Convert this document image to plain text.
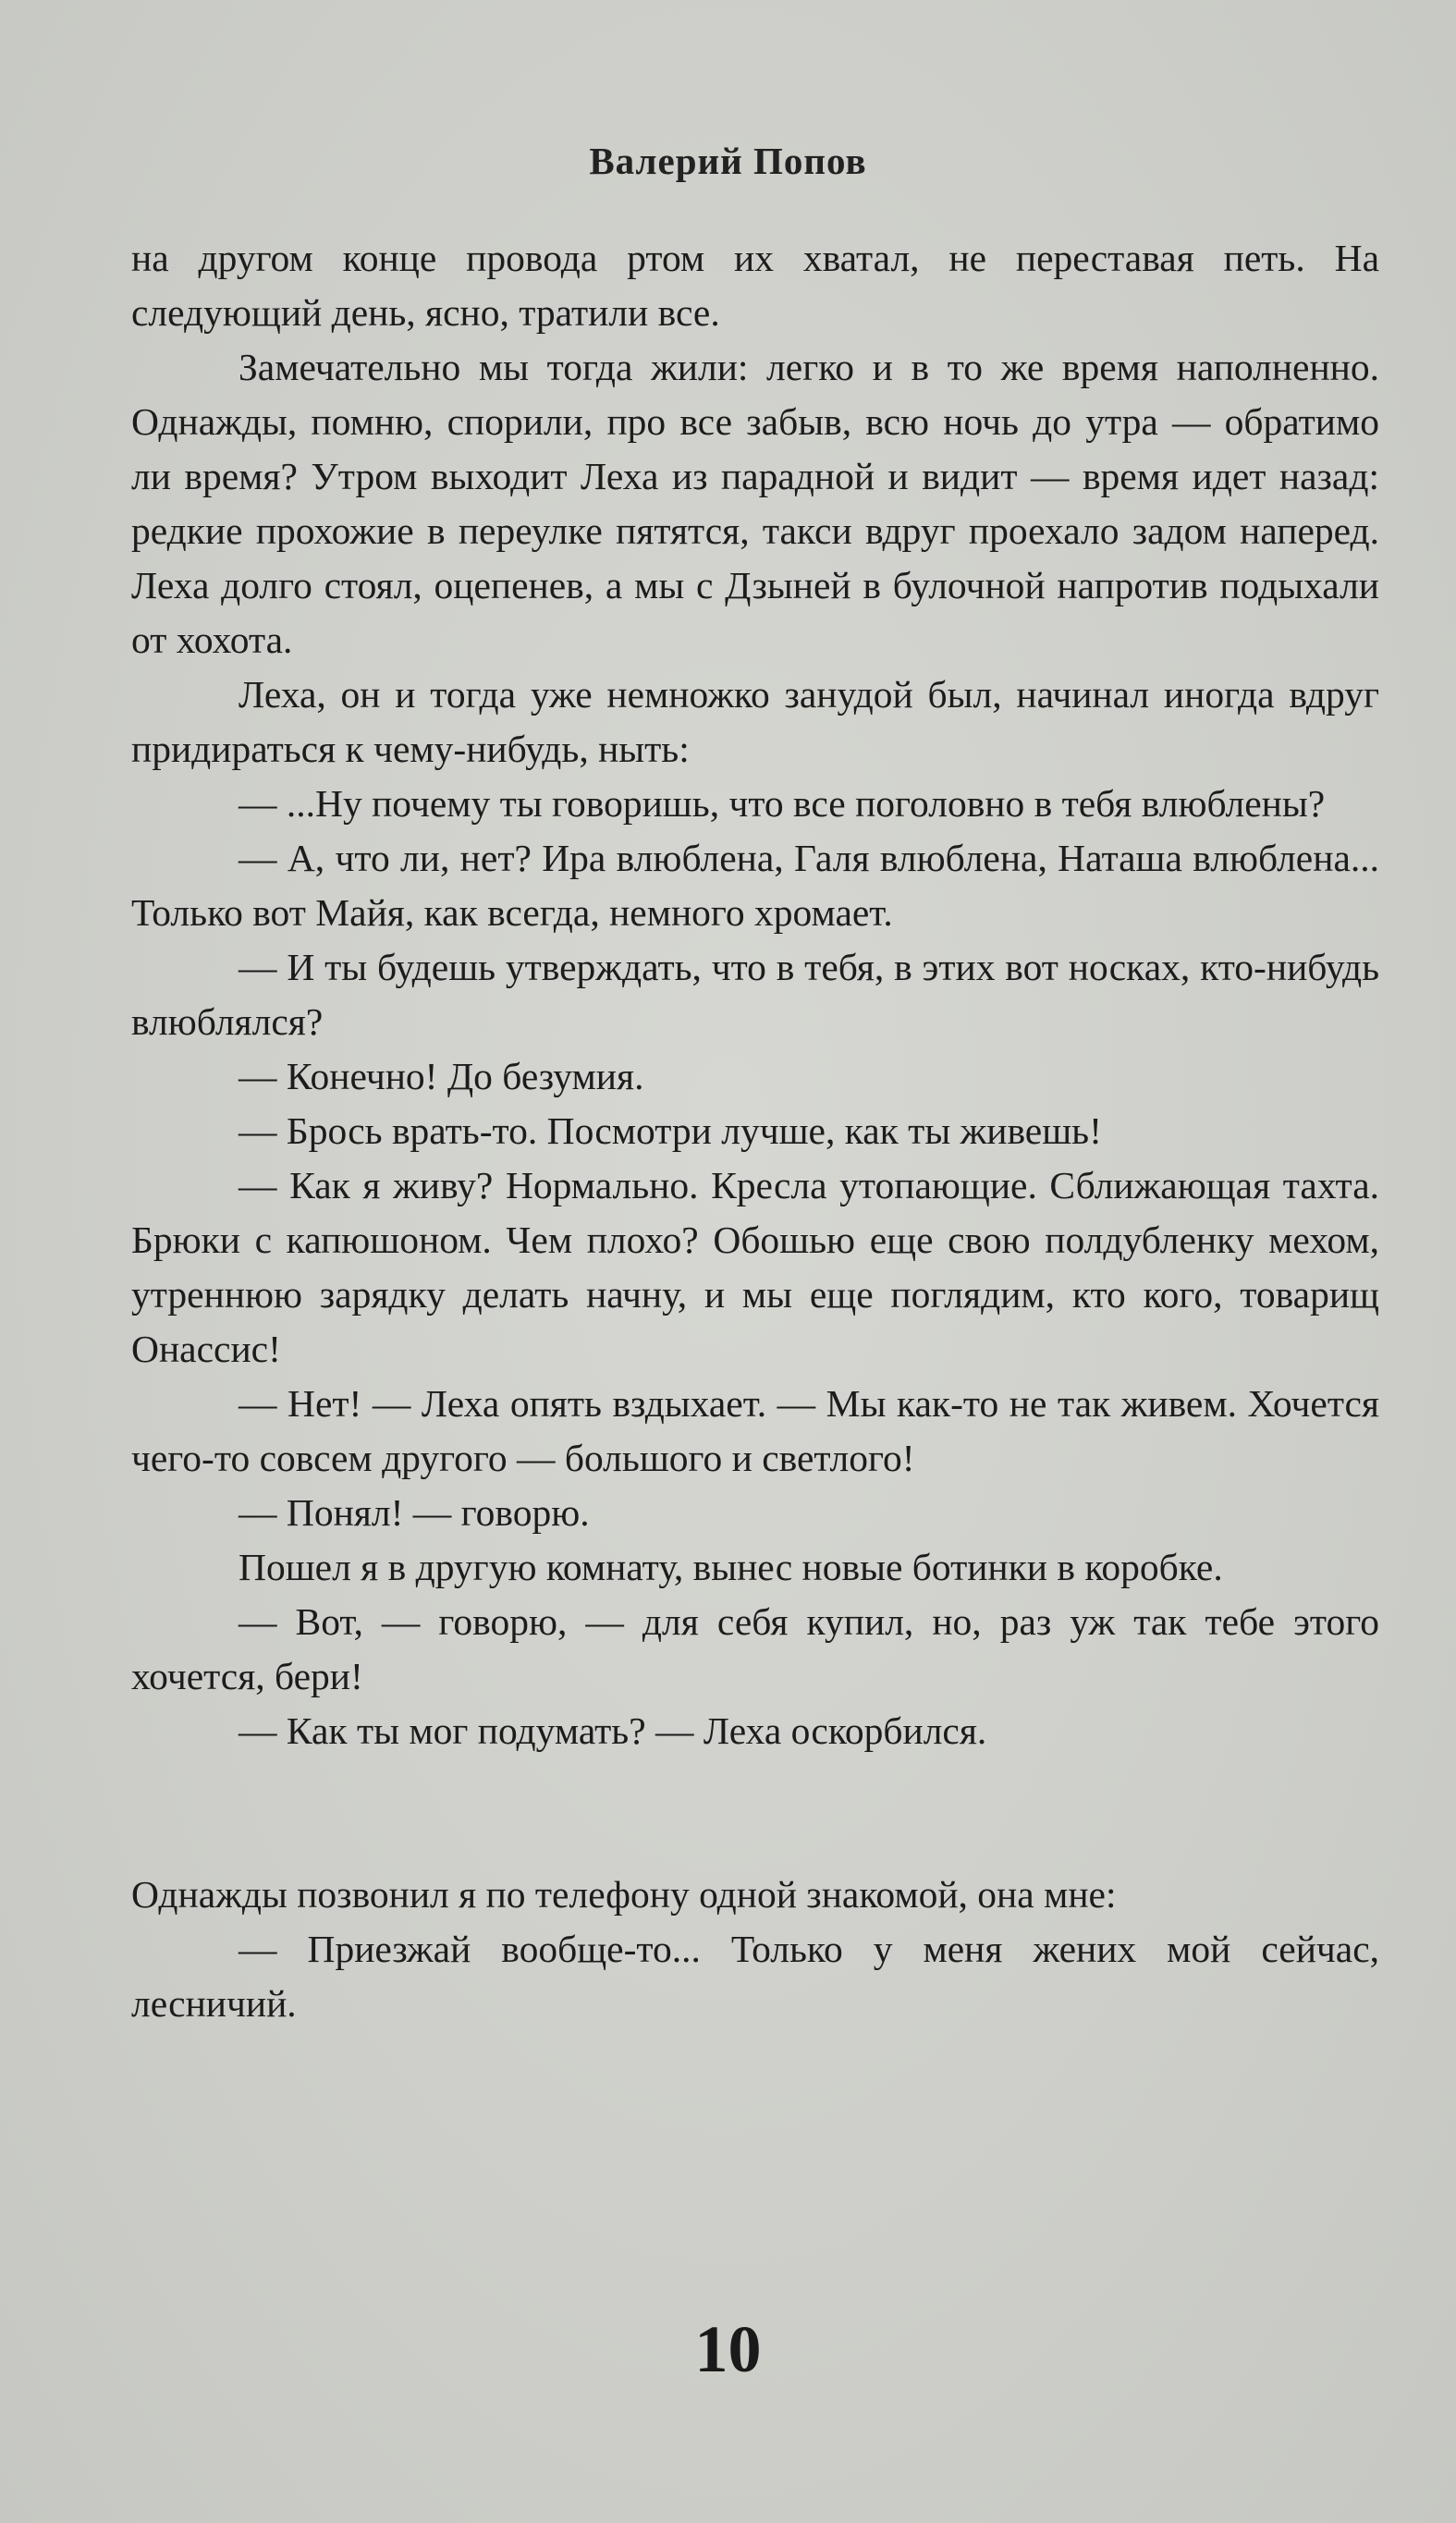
Валерий Попов

на другом конце провода ртом их хватал, не переставая петь. На следующий день, ясно, тратили все.

Замечательно мы тогда жили: легко и в то же время наполненно. Однажды, помню, спорили, про все забыв, всю ночь до утра — обратимо ли время? Утром выходит Леха из парадной и видит — время идет назад: редкие прохожие в переулке пятятся, такси вдруг проехало задом наперед. Леха долго стоял, оцепенев, а мы с Дзыней в булочной напротив подыхали от хохота.

Леха, он и тогда уже немножко занудой был, начинал иногда вдруг придираться к чему-нибудь, ныть:

— ...Ну почему ты говоришь, что все поголовно в тебя влюблены?

— А, что ли, нет? Ира влюблена, Галя влюблена, Наташа влюблена... Только вот Майя, как всегда, немного хромает.

— И ты будешь утверждать, что в тебя, в этих вот носках, кто-нибудь влюблялся?

— Конечно! До безумия.

— Брось врать-то. Посмотри лучше, как ты живешь!

— Как я живу? Нормально. Кресла утопающие. Сближающая тахта. Брюки с капюшоном. Чем плохо? Обошью еще свою полдубленку мехом, утреннюю зарядку делать начну, и мы еще поглядим, кто кого, товарищ Онассис!

— Нет! — Леха опять вздыхает. — Мы как-то не так живем. Хочется чего-то совсем другого — большого и светлого!

— Понял! — говорю.

Пошел я в другую комнату, вынес новые ботинки в коробке.

— Вот, — говорю, — для себя купил, но, раз уж так тебе этого хочется, бери!

— Как ты мог подумать? — Леха оскорбился.

Однажды позвонил я по телефону одной знакомой, она мне:

— Приезжай вообще-то... Только у меня жених мой сейчас, лесничий.

10
